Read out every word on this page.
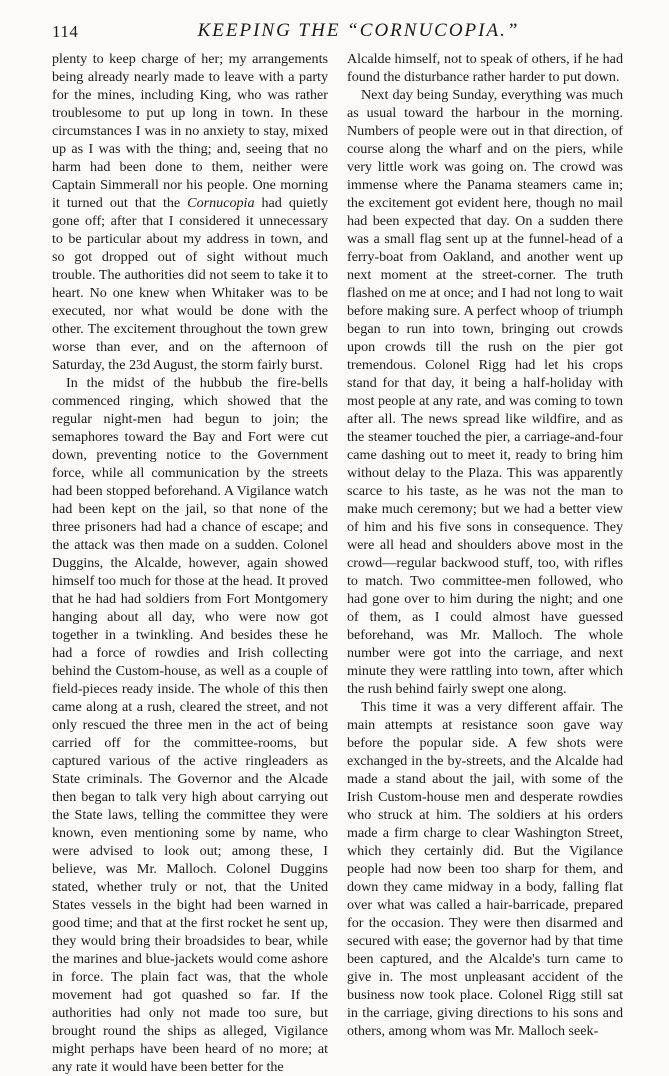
114	KEEPING THE “CORNUCOPIA.”

plenty to keep charge of her; my arrangements being already nearly made to leave with a party for the mines, including King, who was rather troublesome to put up long in town. In these circumstances I was in no anxiety to stay, mixed up as I was with the thing; and, seeing that no harm had been done to them, neither were Captain Simmerall nor his people. One morning it turned out that the Cornucopia had quietly gone off; after that I considered it unnecessary to be particular about my address in town, and so got dropped out of sight without much trouble. The authorities did not seem to take it to heart. No one knew when Whitaker was to be executed, nor what would be done with the other. The excitement throughout the town grew worse than ever, and on the afternoon of Saturday, the 23d August, the storm fairly burst.

In the midst of the hubbub the fire-bells commenced ringing, which showed that the regular night-men had begun to join; the semaphores toward the Bay and Fort were cut down, preventing notice to the Government force, while all communication by the streets had been stopped beforehand. A Vigilance watch had been kept on the jail, so that none of the three prisoners had had a chance of escape; and the attack was then made on a sudden. Colonel Duggins, the Alcalde, however, again showed himself too much for those at the head. It proved that he had had soldiers from Fort Montgomery hanging about all day, who were now got together in a twinkling. And besides these he had a force of rowdies and Irish collecting behind the Custom-house, as well as a couple of field-pieces ready inside. The whole of this then came along at a rush, cleared the street, and not only rescued the three men in the act of being carried off for the committee-rooms, but captured various of the active ringleaders as State criminals. The Governor and the Alcade then began to talk very high about carrying out the State laws, telling the committee they were known, even mentioning some by name, who were advised to look out; among these, I believe, was Mr. Malloch. Colonel Duggins stated, whether truly or not, that the United States vessels in the bight had been warned in good time; and that at the first rocket he sent up, they would bring their broadsides to bear, while the marines and blue-jackets would come ashore in force. The plain fact was, that the whole movement had got quashed so far. If the authorities had only not made too sure, but brought round the ships as alleged, Vigilance might perhaps have been heard of no more; at any rate it would have been better for the

Alcalde himself, not to speak of others, if he had found the disturbance rather harder to put down.

Next day being Sunday, everything was much as usual toward the harbour in the morning. Numbers of people were out in that direction, of course along the wharf and on the piers, while very little work was going on. The crowd was immense where the Panama steamers came in; the excitement got evident here, though no mail had been expected that day. On a sudden there was a small flag sent up at the funnel-head of a ferry-boat from Oakland, and another went up next moment at the street-corner. The truth flashed on me at once; and I had not long to wait before making sure. A perfect whoop of triumph began to run into town, bringing out crowds upon crowds till the rush on the pier got tremendous. Colonel Rigg had let his crops stand for that day, it being a half-holiday with most people at any rate, and was coming to town after all. The news spread like wildfire, and as the steamer touched the pier, a carriage-and-four came dashing out to meet it, ready to bring him without delay to the Plaza. This was apparently scarce to his taste, as he was not the man to make much ceremony; but we had a better view of him and his five sons in consequence. They were all head and shoulders above most in the crowd—regular backwood stuff, too, with rifles to match. Two committee-men followed, who had gone over to him during the night; and one of them, as I could almost have guessed beforehand, was Mr. Malloch. The whole number were got into the carriage, and next minute they were rattling into town, after which the rush behind fairly swept one along.

This time it was a very different affair. The main attempts at resistance soon gave way before the popular side. A few shots were exchanged in the by-streets, and the Alcalde had made a stand about the jail, with some of the Irish Custom-house men and desperate rowdies who struck at him. The soldiers at his orders made a firm charge to clear Washington Street, which they certainly did. But the Vigilance people had now been too sharp for them, and down they came midway in a body, falling flat over what was called a hair-barricade, prepared for the occasion. They were then disarmed and secured with ease; the governor had by that time been captured, and the Alcalde's turn came to give in. The most unpleasant accident of the business now took place. Colonel Rigg still sat in the carriage, giving directions to his sons and others, among whom was Mr. Malloch seek-
